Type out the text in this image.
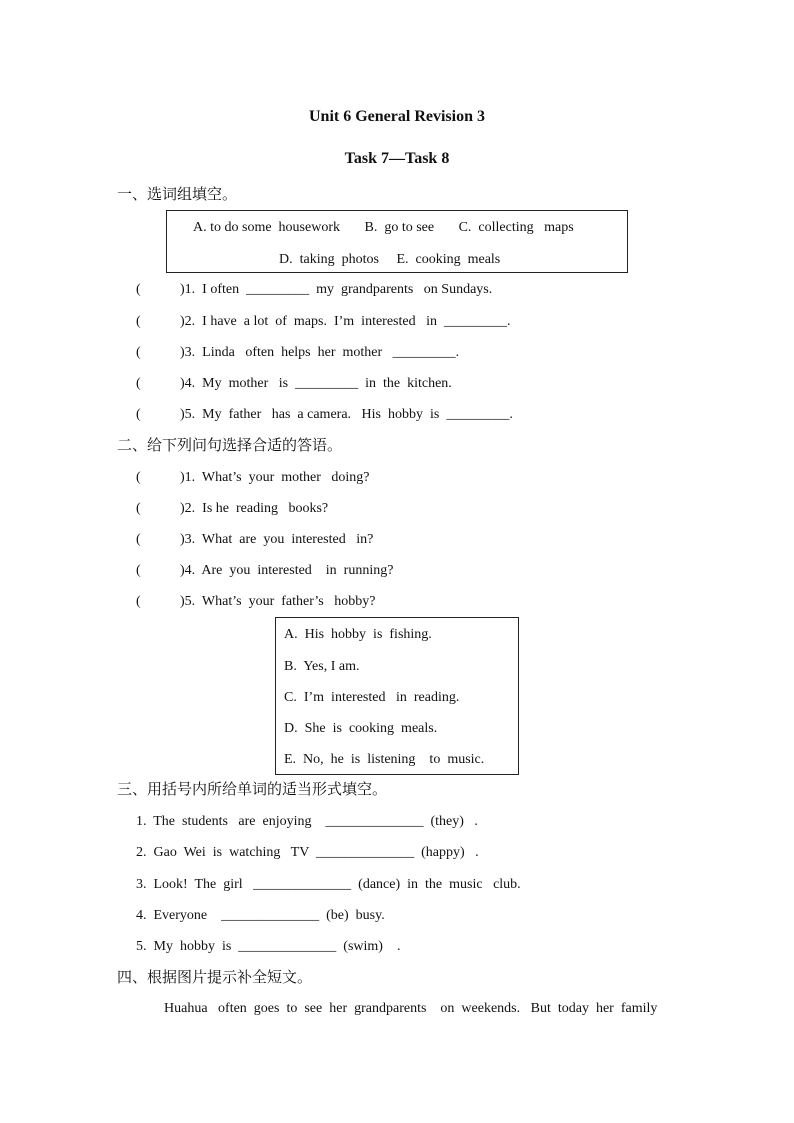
Unit 6 General Revision 3
Task 7—Task 8
一、选词组填空。
A. to do some  housework       B.  go to see       C.  collecting   maps
D.  taking  photos     E.  cooking  meals
(	)1.  I often  _________  my  grandparents   on Sundays.
(	)2.  I have  a lot  of  maps.  I’m  interested   in  _________.
(	)3.  Linda   often  helps  her  mother   _________.
(	)4.  My  mother   is  _________  in  the  kitchen.
(	)5.  My  father   has  a camera.   His  hobby  is  _________.
二、给下列问句选择合适的答语。
(	)1.  What’s  your  mother   doing?
(	)2.  Is he  reading   books?
(	)3.  What  are  you  interested   in?
(	)4.  Are  you  interested    in  running?
(	)5.  What’s  your  father’s   hobby?
A.  His  hobby  is  fishing.
B.  Yes, I am.
C.  I’m  interested   in  reading.
D.  She  is  cooking  meals.
E.  No,  he  is  listening    to  music.
三、用括号内所给单词的适当形式填空。
1.  The  students   are  enjoying    ______________  (they)   .
2.  Gao  Wei  is  watching   TV  ______________  (happy)   .
3.  Look!  The  girl   ______________  (dance)  in  the  music   club.
4.  Everyone    ______________  (be)  busy.
5.  My  hobby  is  ______________  (swim)    .
四、根据图片提示补全短文。
Huahua   often  goes  to  see  her  grandparents    on  weekends.   But  today  her  family
